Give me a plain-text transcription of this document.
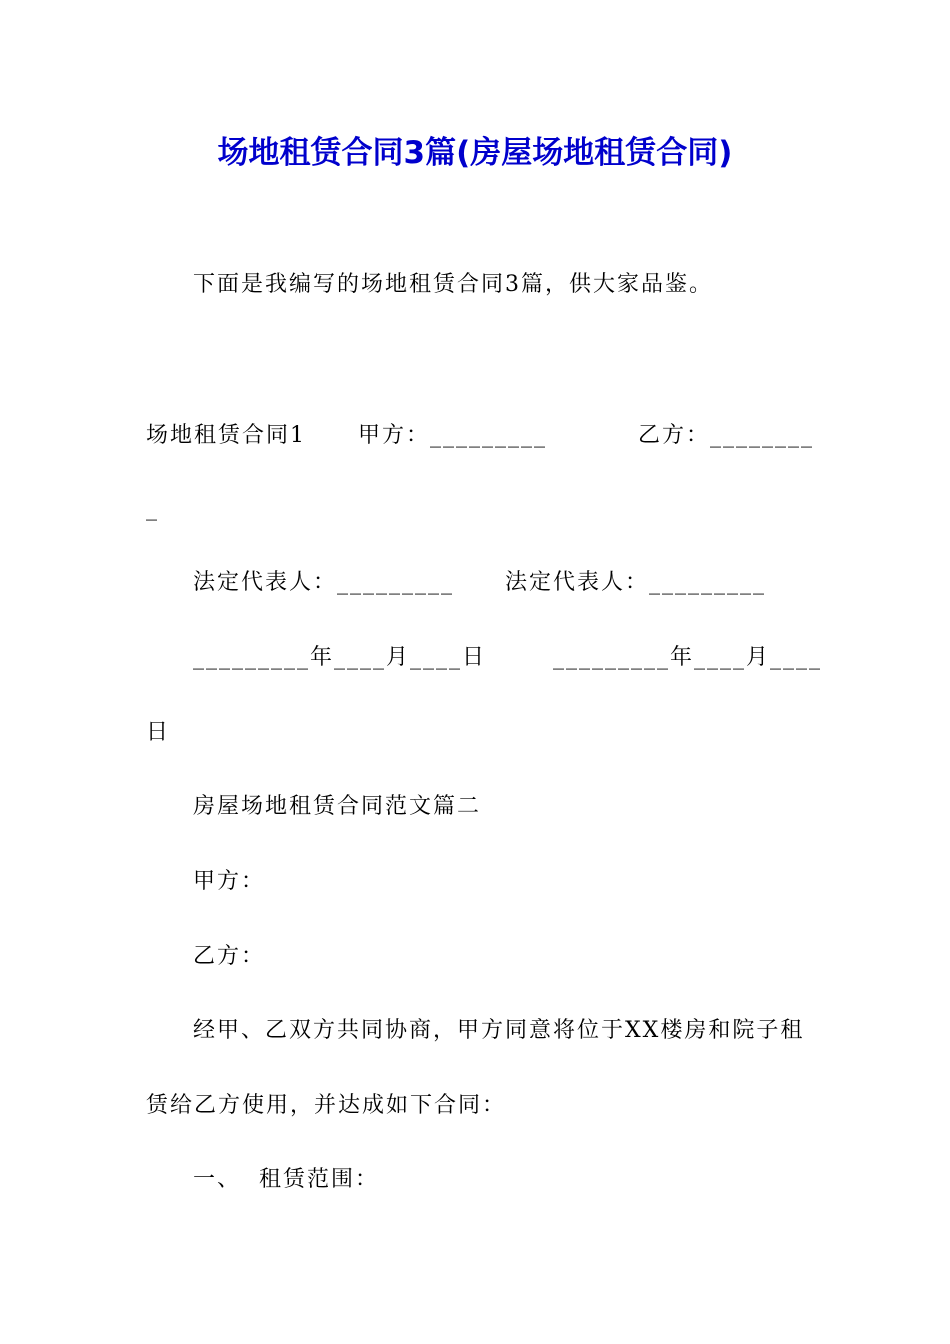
场地租赁合同3篇(房屋场地租赁合同)
下面是我编写的场地租赁合同3篇，供大家品鉴。
场地租赁合同1 甲方：_________	乙方：________
_
法定代表人：_________ 法定代表人：_________
_________年____月____日	_________年____月____
日
房屋场地租赁合同范文篇二
甲方：
乙方：
经甲、乙双方共同协商，甲方同意将位于XX楼房和院子租
赁给乙方使用，并达成如下合同：
一、  租赁范围：
